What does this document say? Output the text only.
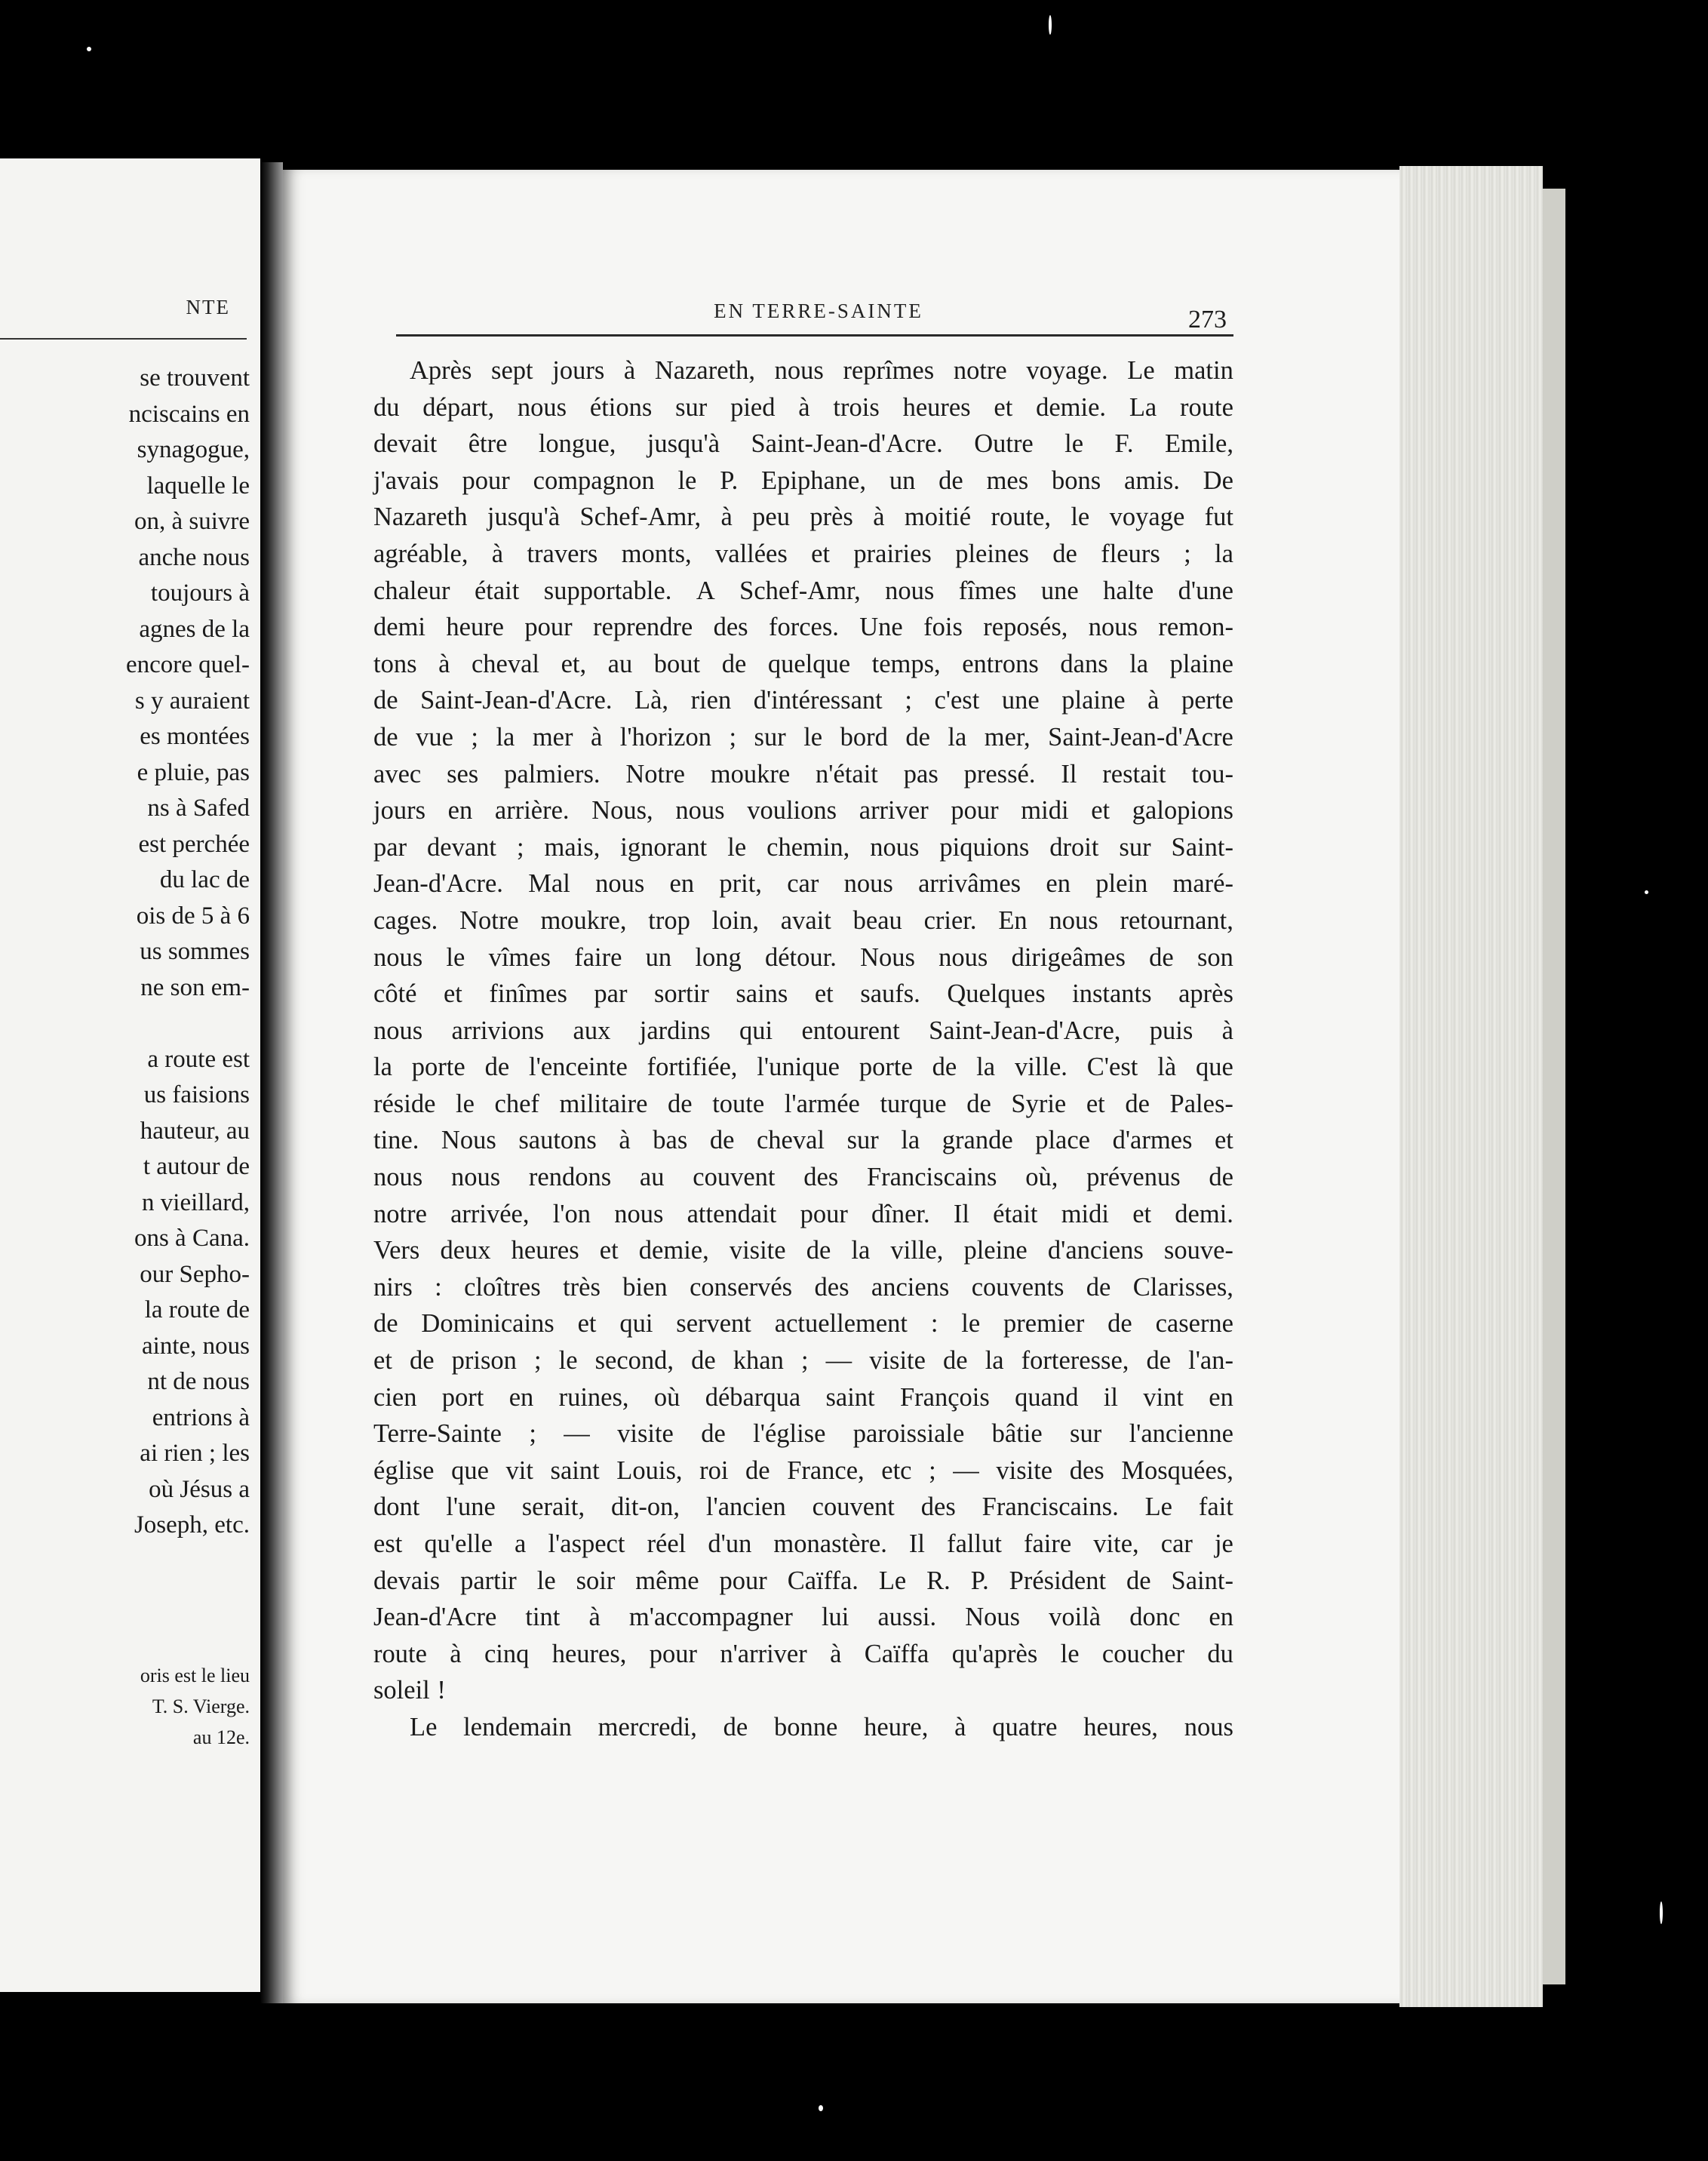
NTE
se trouvent
nciscains en
synagogue,
laquelle le
on, à suivre
anche nous
toujours à
agnes de la
encore quel-
s y auraient
es montées
e pluie, pas
ns à Safed
est perchée
du lac de
ois de 5 à 6
us sommes
ne son em-

a route est
us faisions
hauteur, au
t autour de
n vieillard,
ons à Cana.
our Sepho-
la route de
ainte, nous
nt de nous
entrions à
ai rien ; les
où Jésus a
Joseph, etc.
oris est le lieu
T. S. Vierge.
au 12e.
EN TERRE-SAINTE	273
Après sept jours à Nazareth, nous reprîmes notre voyage. Le matin
du départ, nous étions sur pied à trois heures et demie. La route
devait être longue, jusqu'à Saint-Jean-d'Acre. Outre le F. Emile,
j'avais pour compagnon le P. Epiphane, un de mes bons amis. De
Nazareth jusqu'à Schef-Amr, à peu près à moitié route, le voyage fut
agréable, à travers monts, vallées et prairies pleines de fleurs ; la
chaleur était supportable. A Schef-Amr, nous fîmes une halte d'une
demi heure pour reprendre des forces. Une fois reposés, nous remon-
tons à cheval et, au bout de quelque temps, entrons dans la plaine
de Saint-Jean-d'Acre. Là, rien d'intéressant ; c'est une plaine à perte
de vue ; la mer à l'horizon ; sur le bord de la mer, Saint-Jean-d'Acre
avec ses palmiers. Notre moukre n'était pas pressé. Il restait tou-
jours en arrière. Nous, nous voulions arriver pour midi et galopions
par devant ; mais, ignorant le chemin, nous piquions droit sur Saint-
Jean-d'Acre. Mal nous en prit, car nous arrivâmes en plein maré-
cages. Notre moukre, trop loin, avait beau crier. En nous retournant,
nous le vîmes faire un long détour. Nous nous dirigeâmes de son
côté et finîmes par sortir sains et saufs. Quelques instants après
nous arrivions aux jardins qui entourent Saint-Jean-d'Acre, puis à
la porte de l'enceinte fortifiée, l'unique porte de la ville. C'est là que
réside le chef militaire de toute l'armée turque de Syrie et de Pales-
tine. Nous sautons à bas de cheval sur la grande place d'armes et
nous nous rendons au couvent des Franciscains où, prévenus de
notre arrivée, l'on nous attendait pour dîner. Il était midi et demi.
Vers deux heures et demie, visite de la ville, pleine d'anciens souve-
nirs : cloîtres très bien conservés des anciens couvents de Clarisses,
de Dominicains et qui servent actuellement : le premier de caserne
et de prison ; le second, de khan ; — visite de la forteresse, de l'an-
cien port en ruines, où débarqua saint François quand il vint en
Terre-Sainte ; — visite de l'église paroissiale bâtie sur l'ancienne
église que vit saint Louis, roi de France, etc ; — visite des Mosquées,
dont l'une serait, dit-on, l'ancien couvent des Franciscains. Le fait
est qu'elle a l'aspect réel d'un monastère. Il fallut faire vite, car je
devais partir le soir même pour Caïffa. Le R. P. Président de Saint-
Jean-d'Acre tint à m'accompagner lui aussi. Nous voilà donc en
route à cinq heures, pour n'arriver à Caïffa qu'après le coucher du
soleil !
Le lendemain mercredi, de bonne heure, à quatre heures, nous
